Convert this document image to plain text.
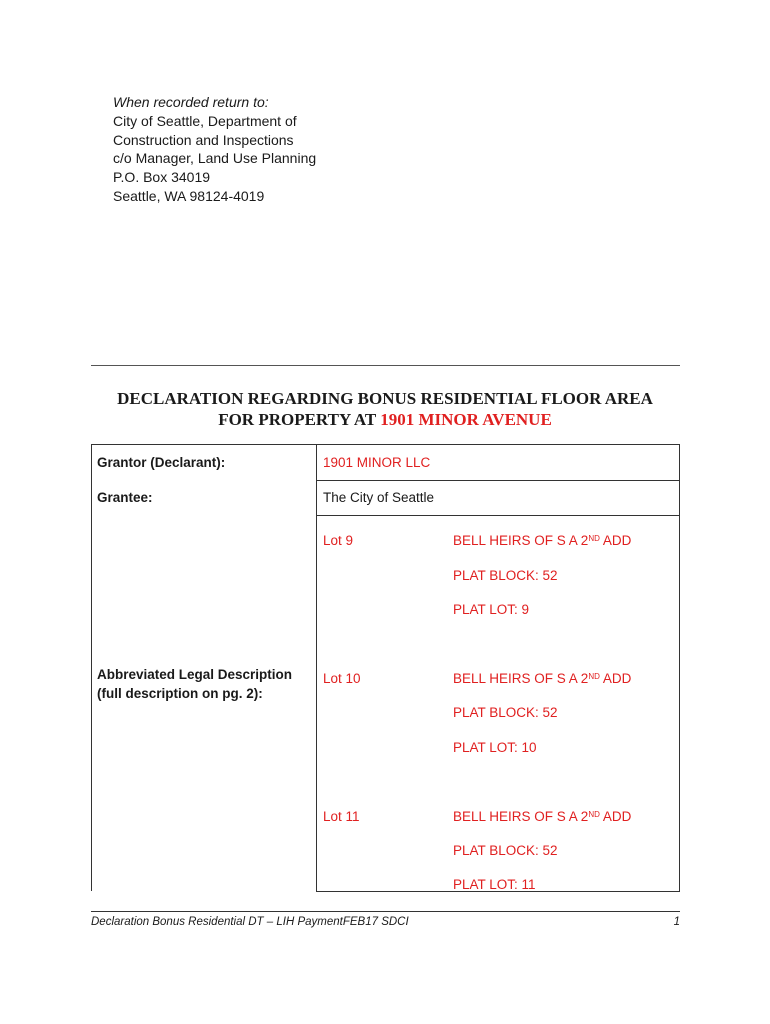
When recorded return to:
City of Seattle, Department of
Construction and Inspections
c/o Manager, Land Use Planning
P.O. Box 34019
Seattle, WA 98124-4019
DECLARATION REGARDING BONUS RESIDENTIAL FLOOR AREA
FOR PROPERTY AT 1901 MINOR AVENUE
Grantor (Declarant):	1901 MINOR LLC
Grantee:	The City of Seattle
Abbreviated Legal Description
(full description on pg. 2):
Lot 9	BELL HEIRS OF S A 2ND ADD
PLAT BLOCK: 52
PLAT LOT: 9
Lot 10	BELL HEIRS OF S A 2ND ADD
PLAT BLOCK: 52
PLAT LOT: 10
Lot 11	BELL HEIRS OF S A 2ND ADD
PLAT BLOCK: 52
PLAT LOT: 11
Declaration Bonus Residential DT – LIH PaymentFEB17 SDCI	1
